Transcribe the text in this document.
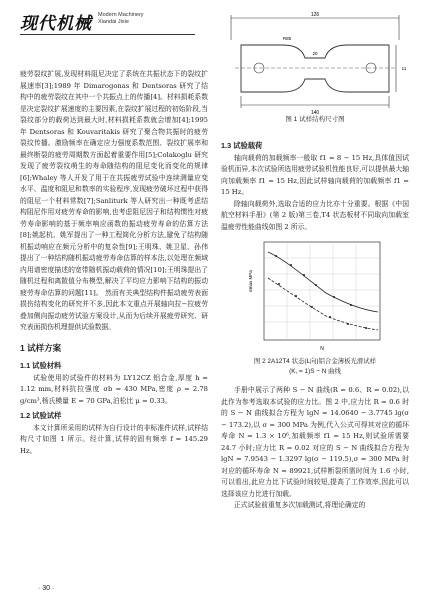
现代机械 Modern Machinery
Xiandai Jixie
126
140
R85
20
11
图 1 试样结构尺寸图

疲劳裂纹扩展,发现材料阻尼决定了系统在共振状态下的裂纹扩展速率[3];1989 年 Dimarogonas 和 Dentsoras 研究了结构中的疲劳裂纹在其中一个共振点上的传播[4]。材料损耗系数是决定裂纹扩展速度的主要因素,在裂纹扩展过程的初始阶段,当裂纹部分的载荷达到最大时,材料损耗系数就会增加[4];1995 年 Dentsoras 和 Kouvaritakis 研究了聚合物共振时的疲劳裂纹传播。激励频率在确定应力强度系数范围、裂纹扩展率和最终断裂的疲劳周期数方面起着重要作用[5];Colakoglu 研究发现了疲劳裂纹萌生的寿命随结构的阻尼变化而变化的规律[6];Whaley 等人开发了用于在共振疲劳试验中连续测量应变水平、温度和阻尼和数率的实验程序,发现疲劳破坏过程中获得的阻尼一个材料常数[7];Sanliturk 等人研究出一种既考虑结构阻尼作用对疲劳寿命的影响,也考虑阻尼因子和结构惯性对疲劳寿命影响的基于频率响应函数的振动疲劳寿命的估算方法[8];姚起杭、姚军提出了一种工程简化分析方法,避免了结构随机振动响应在频元分析中的复杂性[9];王明珠、姚卫星、孙伟提出了一种结构随机振动疲劳寿命估算的样本法,以处理在频域内用谱密度描述的宽带随机振动载荷的情况[10];王明珠提出了随机过程和离散值分布模型,解决了平均应力影响下结构的振动疲劳寿命估算的问题[11]。 然而有关典型结构件振动疲劳表面损伤结构变化的研究并不多,因此本文重点开展轴向拉−拉疲劳叠加侧向振动疲劳试验方案设计,从而为后续开展疲劳研究、研究表面损伤机理提供试验数据。

1 试样方案
1.1 试验材料

试验使用的试验件的材料为 LY12CZ 铝合金,厚度 h = 1.12 mm,材料抗拉强度 σb = 430 MPa,密度 ρ = 2.78 g/cm³,杨氏模量 E = 70 GPa,泊松比 μ = 0.33。

1.2 试验试样

本文计算所采用的试样为自行设计的非标准件试样,试样结构尺寸如图 1 所示。经计算,试样的固有频率 f = 145.29 Hz。

1.3 试验载荷

轴向载荷的加载频率一般取 f1 = 8 − 15 Hz,具体值因试验机而异,本次试验所选用疲劳试验机性能良好,可以提供最大轴向加载频率 f1 = 15 Hz,因此试样轴向载荷的加载频率 f1 = 15 Hz。

除轴向载荷外,选取合适的应力比亦十分重要。根据《中国航空材料手册》(第 2 版)第三卷,T4 状态板材不同取向加载室温疲劳性能曲线如图 2 所示。

手册中展示了两种 S − N 曲线(R = 0.6、R = 0.02),以此作为参考选取本试验的应力比。图 2 中,应力比 R = 0.6 时的 S − N 曲线拟合方程为 lgN = 14.0640 − 3.7745 lg(σ − 173.2),以 σ = 300 MPa 为例,代入公式可得其对应的循环寿命 N = 1.3 × 10⁶,加载频率 f1 = 15 Hz,则试验所需要 24.7 小时;应力比 R = 0.02 对应的 S − N 曲线拟合方程为 lgN = 7.9543 − 1.3297 lg(σ − 119.5),σ = 300 MPa 时对应的循环寿命 N = 89921,试样断裂所需时间为 1.6 小时,可以看出,此应力比下试验时间较短,提高了工作效率,因此可以选择该应力比进行加载。

正式试验前重复多次加载测试,将理论确定的

σmax MPa
N
图 2 2A12T4 状态(L向)铝合金薄板光滑试样
(K, = 1)S − N 曲线
· 30 ·
